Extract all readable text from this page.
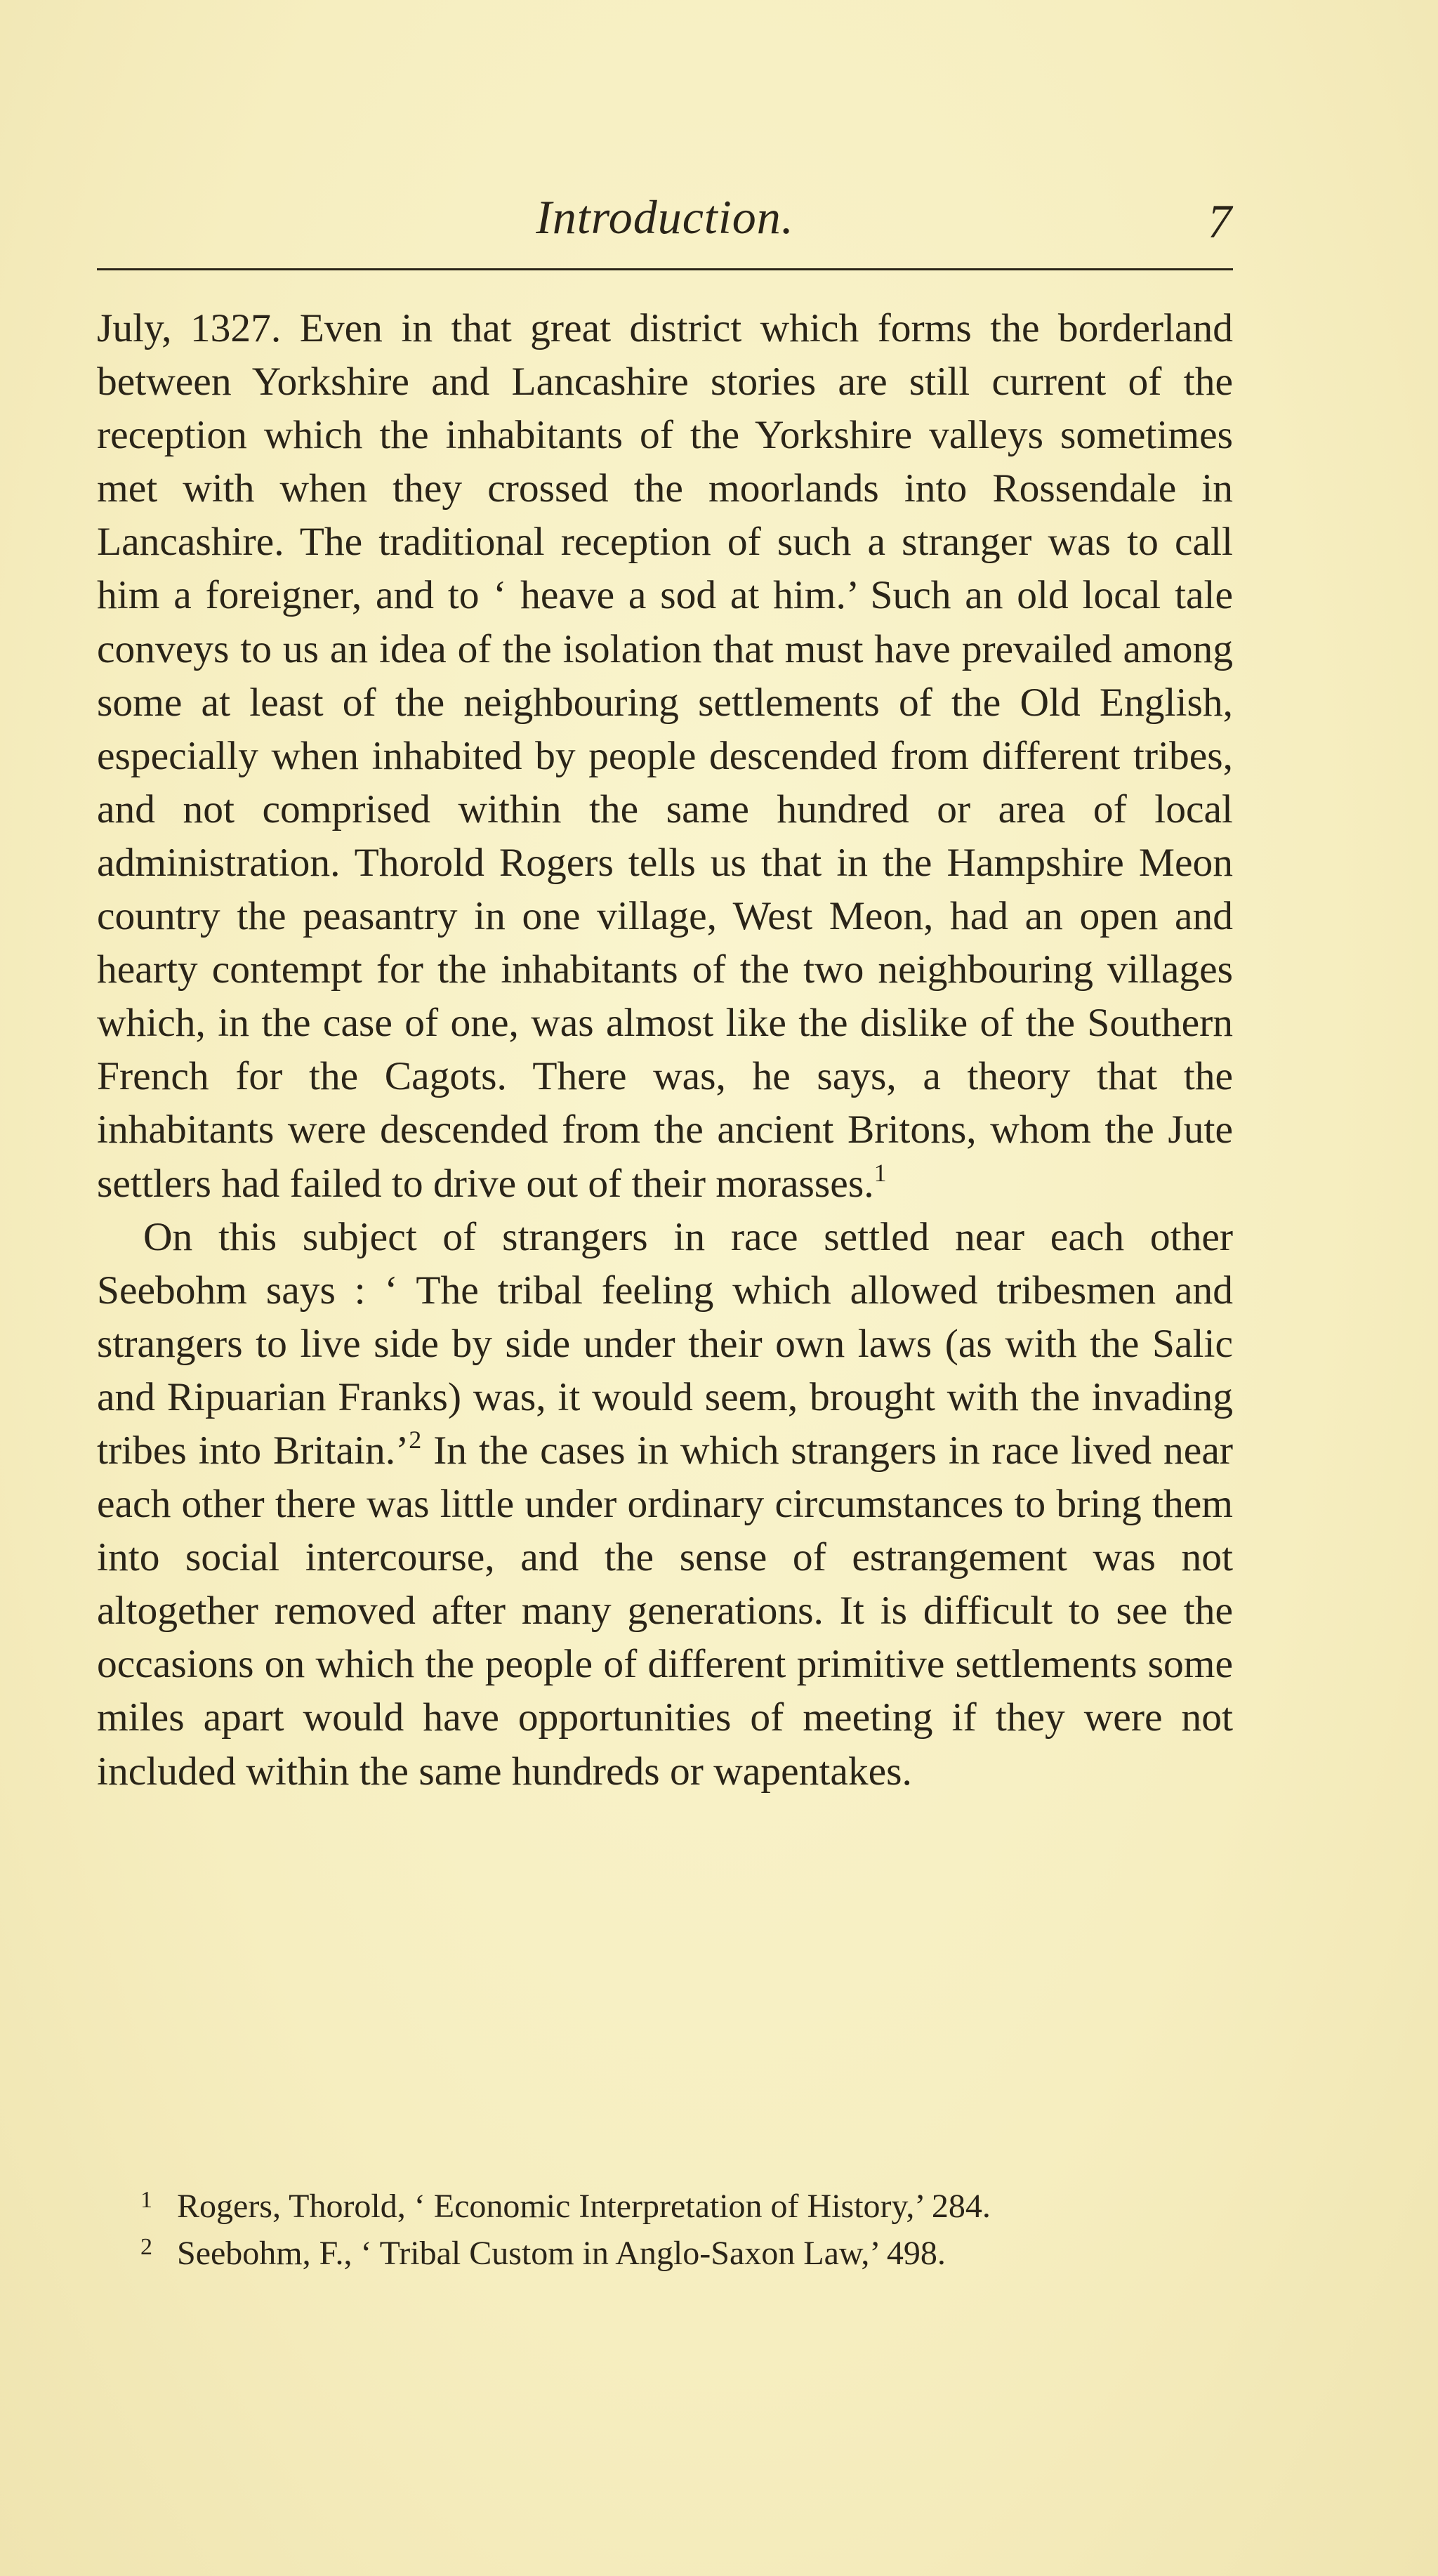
Introduction.	7

July, 1327. Even in that great district which forms the borderland between Yorkshire and Lancashire stories are still current of the reception which the inhabitants of the Yorkshire valleys sometimes met with when they crossed the moorlands into Rossendale in Lancashire. The traditional reception of such a stranger was to call him a foreigner, and to ‘ heave a sod at him.’ Such an old local tale conveys to us an idea of the isolation that must have prevailed among some at least of the neighbouring settlements of the Old English, especially when inhabited by people descended from different tribes, and not comprised within the same hundred or area of local administration. Thorold Rogers tells us that in the Hampshire Meon country the peasantry in one village, West Meon, had an open and hearty contempt for the inhabitants of the two neighbouring villages which, in the case of one, was almost like the dislike of the Southern French for the Cagots. There was, he says, a theory that the inhabitants were descended from the ancient Britons, whom the Jute settlers had failed to drive out of their morasses.$^1$

On this subject of strangers in race settled near each other Seebohm says : ‘ The tribal feeling which allowed tribesmen and strangers to live side by side under their own laws (as with the Salic and Ripuarian Franks) was, it would seem, brought with the invading tribes into Britain.’$^2$ In the cases in which strangers in race lived near each other there was little under ordinary circumstances to bring them into social intercourse, and the sense of estrangement was not altogether removed after many generations. It is difficult to see the occasions on which the people of different primitive settlements some miles apart would have opportunities of meeting if they were not included within the same hundreds or wapentakes.

1 Rogers, Thorold, ‘ Economic Interpretation of History,’ 284.
2 Seebohm, F., ‘ Tribal Custom in Anglo-Saxon Law,’ 498.
